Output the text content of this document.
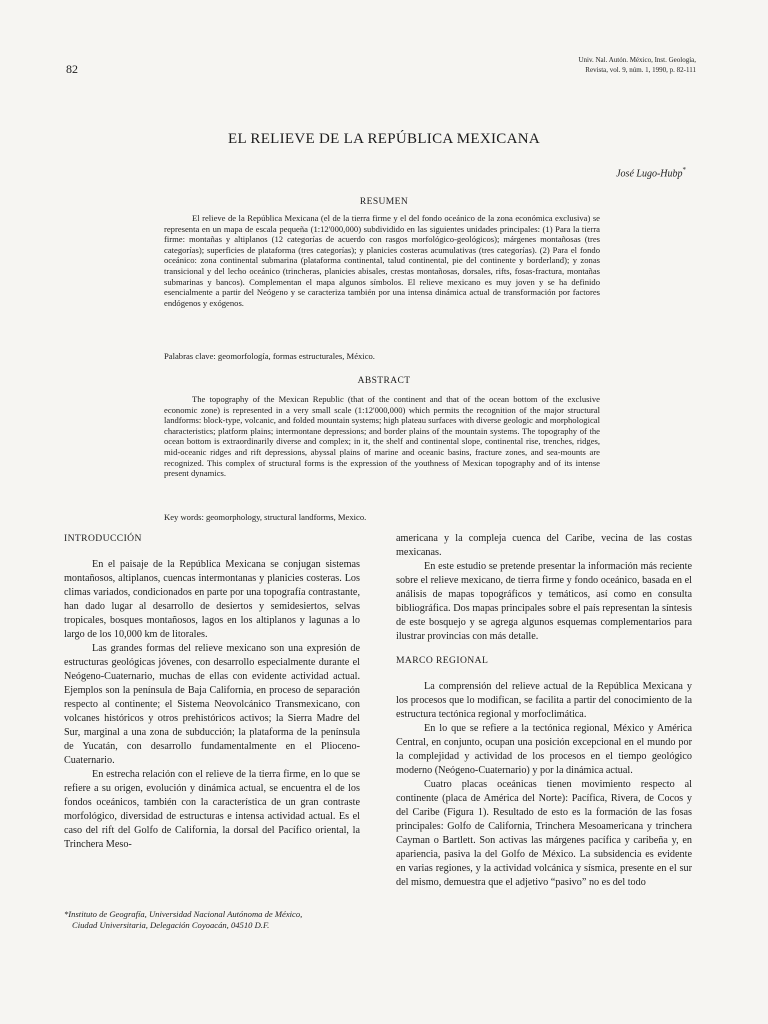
82
Univ. Nal. Autón. México, Inst. Geología,
Revista, vol. 9, núm. 1, 1990, p. 82-111
EL RELIEVE DE LA REPÚBLICA MEXICANA
José Lugo-Hubp*
RESUMEN

El relieve de la República Mexicana (el de la tierra firme y el del fondo oceánico de la zona económica exclusiva) se representa en un mapa de escala pequeña (1:12'000,000) subdividido en las siguientes unidades principales: (1) Para la tierra firme: montañas y altiplanos (12 categorías de acuerdo con rasgos morfológico-geológicos); márgenes montañosas (tres categorías); superficies de plataforma (tres categorías); y planicies costeras acumulativas (tres categorías). (2) Para el fondo oceánico: zona continental submarina (plataforma continental, talud continental, pie del continente y borderland); y zonas transicional y del lecho oceánico (trincheras, planicies abisales, crestas montañosas, dorsales, rifts, fosas-fractura, montañas submarinas y bancos). Complementan el mapa algunos símbolos. El relieve mexicano es muy joven y se ha definido esencialmente a partir del Neógeno y se caracteriza también por una intensa dinámica actual de transformación por factores endógenos y exógenos.

Palabras clave: geomorfología, formas estructurales, México.
ABSTRACT

The topography of the Mexican Republic (that of the continent and that of the ocean bottom of the exclusive economic zone) is represented in a very small scale (1:12'000,000) which permits the recognition of the major structural landforms: block-type, volcanic, and folded mountain systems; high plateau surfaces with diverse geologic and morphological characteristics; platform plains; intermontane depressions; and border plains of the mountain systems. The topography of the ocean bottom is extraordinarily diverse and complex; in it, the shelf and continental slope, continental rise, trenches, ridges, mid-oceanic ridges and rift depressions, abyssal plains of marine and oceanic basins, fracture zones, and sea-mounts are recognized. This complex of structural forms is the expression of the youthness of Mexican topography and of its intense present dynamics.

Key words: geomorphology, structural landforms, Mexico.
INTRODUCCIÓN

En el paisaje de la República Mexicana se conjugan sistemas montañosos, altiplanos, cuencas intermontanas y planicies costeras. Los climas variados, condicionados en parte por una topografía contrastante, han dado lugar al desarrollo de desiertos y semidesiertos, selvas tropicales, bosques montañosos, lagos en los altiplanos y lagunas a lo largo de los 10,000 km de litorales.

Las grandes formas del relieve mexicano son una expresión de estructuras geológicas jóvenes, con desarrollo especialmente durante el Neógeno-Cuaternario, muchas de ellas con evidente actividad actual. Ejemplos son la península de Baja California, en proceso de separación respecto al continente; el Sistema Neovolcánico Transmexicano, con volcanes históricos y otros prehistóricos activos; la Sierra Madre del Sur, marginal a una zona de subducción; la plataforma de la península de Yucatán, con desarrollo fundamentalmente en el Plioceno-Cuaternario.

En estrecha relación con el relieve de la tierra firme, en lo que se refiere a su origen, evolución y dinámica actual, se encuentra el de los fondos oceánicos, también con la característica de un gran contraste morfológico, diversidad de estructuras e intensa actividad actual. Es el caso del rift del Golfo de California, la dorsal del Pacífico oriental, la Trinchera Meso-

americana y la compleja cuenca del Caribe, vecina de las costas mexicanas.

En este estudio se pretende presentar la información más reciente sobre el relieve mexicano, de tierra firme y fondo oceánico, basada en el análisis de mapas topográficos y temáticos, así como en consulta bibliográfica. Dos mapas principales sobre el país representan la síntesis de este bosquejo y se agrega algunos esquemas complementarios para ilustrar provincias con más detalle.

MARCO REGIONAL

La comprensión del relieve actual de la República Mexicana y los procesos que lo modifican, se facilita a partir del conocimiento de la estructura tectónica regional y morfoclimática.

En lo que se refiere a la tectónica regional, México y América Central, en conjunto, ocupan una posición excepcional en el mundo por la complejidad y actividad de los procesos en el tiempo geológico moderno (Neógeno-Cuaternario) y por la dinámica actual.

Cuatro placas oceánicas tienen movimiento respecto al continente (placa de América del Norte): Pacífica, Rivera, de Cocos y del Caribe (Figura 1). Resultado de esto es la formación de las fosas principales: Golfo de California, Trinchera Mesoamericana y trinchera Cayman o Bartlett. Son activas las márgenes pacífica y caribeña y, en apariencia, pasiva la del Golfo de México. La subsidencia es evidente en varias regiones, y la actividad volcánica y sísmica, presente en el sur del mismo, demuestra que el adjetivo “pasivo” no es del todo

*Instituto de Geografía, Universidad Nacional Autónoma de México,
Ciudad Universitaria, Delegación Coyoacán, 04510 D.F.
